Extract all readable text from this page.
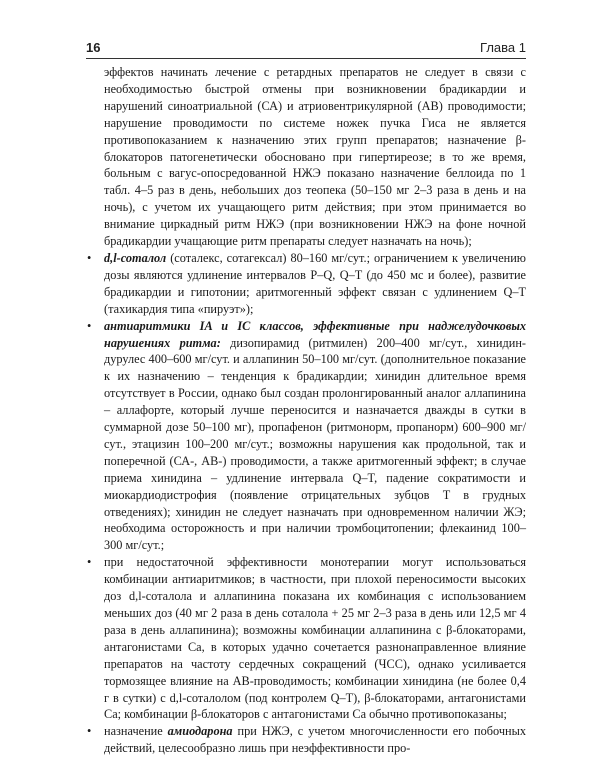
16	Глава 1

эффектов начинать лечение с ретардных препаратов не следует в связи с необходимостью быстрой отмены при возникновении брадикардии и нарушений синоатриальной (СА) и атриовентрикулярной (АВ) проводимости; нарушение проводимости по системе ножек пучка Гиса не является противопоказанием к назначению этих групп препаратов; назначение β-блокаторов патогенетически обосновано при гипертиреозе; в то же время, больным с вагус-опосредованной НЖЭ показано назначение беллоида по 1 табл. 4–5 раз в день, небольших доз теопека (50–150 мг 2–3 раза в день и на ночь), с учетом их учащающего ритм действия; при этом принимается во внимание циркадный ритм НЖЭ (при возникновении НЖЭ на фоне ночной брадикардии учащающие ритм препараты следует назначать на ночь);

• d,l-соталол (соталекс, сотагексал) 80–160 мг/сут.; ограничением к увеличению дозы являются удлинение интервалов P–Q, Q–T (до 450 мс и более), развитие брадикардии и гипотонии; аритмогенный эффект связан с удлинением Q–T (тахикардия типа «пируэт»);

• антиаритмики IA и IC классов, эффективные при наджелудочковых нарушениях ритма: дизопирамид (ритмилен) 200–400 мг/сут., хинидин-дурулес 400–600 мг/сут. и аллапинин 50–100 мг/сут. (дополнительное показание к их назначению – тенденция к брадикардии; хинидин длительное время отсутствует в России, однако был создан пролонгированный аналог аллапинина – аллафорте, который лучше переносится и назначается дважды в сутки в суммарной дозе 50–100 мг), пропафенон (ритмонорм, пропанорм) 600–900 мг/сут., этацизин 100–200 мг/сут.; возможны нарушения как продольной, так и поперечной (СА-, АВ-) проводимости, а также аритмогенный эффект; в случае приема хинидина – удлинение интервала Q–T, падение сократимости и миокардиодистрофия (появление отрицательных зубцов T в грудных отведениях); хинидин не следует назначать при одновременном наличии ЖЭ; необходима осторожность и при наличии тромбоцитопении; флекаинид 100–300 мг/сут.;

• при недостаточной эффективности монотерапии могут использоваться комбинации антиаритмиков; в частности, при плохой переносимости высоких доз d,l-соталола и аллапинина показана их комбинация с использованием меньших доз (40 мг 2 раза в день соталола + 25 мг 2–3 раза в день или 12,5 мг 4 раза в день аллапинина); возможны комбинации аллапинина с β-блокаторами, антагонистами Са, в которых удачно сочетается разнонаправленное влияние препаратов на частоту сердечных сокращений (ЧСС), однако усиливается тормозящее влияние на АВ-проводимость; комбинации хинидина (не более 0,4 г в сутки) с d,l-соталолом (под контролем Q–T), β-блокаторами, антагонистами Са; комбинации β-блокаторов с антагонистами Са обычно противопоказаны;

• назначение амиодарона при НЖЭ, с учетом многочисленности его побочных действий, целесообразно лишь при неэффективности про-
